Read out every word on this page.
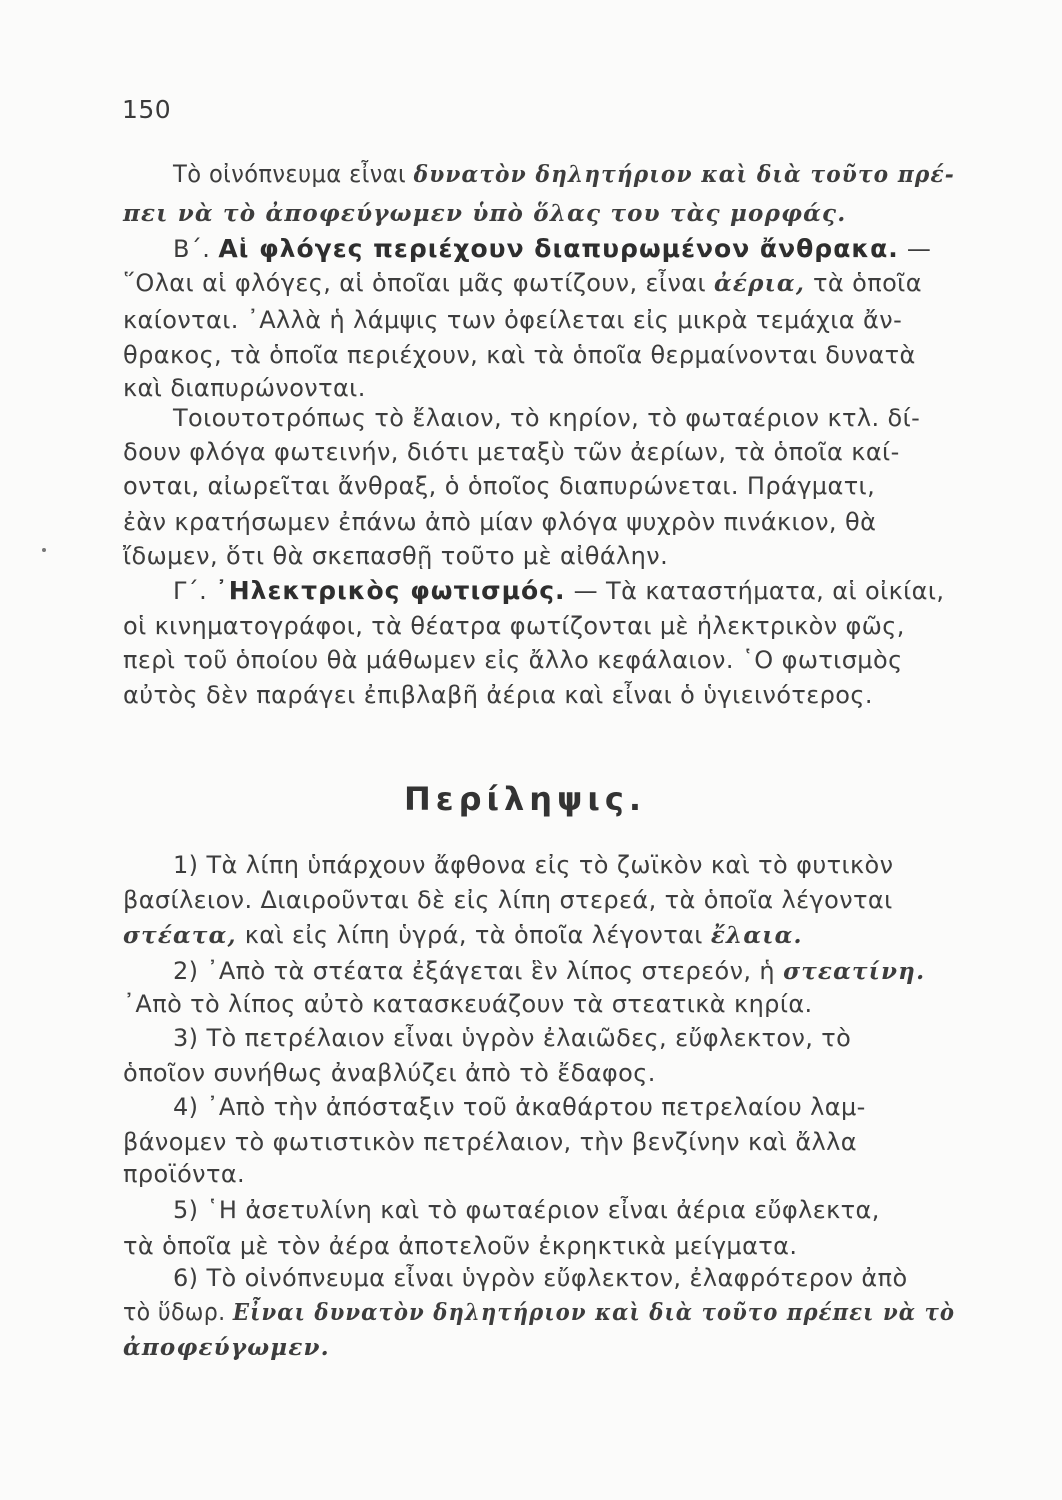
150
Τὸ οἰνόπνευμα εἶναι δυνατὸν δηλητήριον καὶ διὰ τοῦτο πρέ-
πει νὰ τὸ ἀποφεύγωμεν ὑπὸ ὅλας του τὰς μορφάς.
Β΄. Αἱ φλόγες περιέχουν διαπυρωμένον ἄνθρακα. —
῞Ολαι αἱ φλόγες, αἱ ὁποῖαι μᾶς φωτίζουν, εἶναι ἀέρια, τὰ ὁποῖα
καίονται. ᾿Αλλὰ ἡ λάμψις των ὀφείλεται εἰς μικρὰ τεμάχια ἄν-
θρακος, τὰ ὁποῖα περιέχουν, καὶ τὰ ὁποῖα θερμαίνονται δυνατὰ
καὶ διαπυρώνονται.
Τοιουτοτρόπως τὸ ἔλαιον, τὸ κηρίον, τὸ φωταέριον κτλ. δί-
δουν φλόγα φωτεινήν, διότι μεταξὺ τῶν ἀερίων, τὰ ὁποῖα καί-
ονται, αἰωρεῖται ἄνθραξ, ὁ ὁποῖος διαπυρώνεται. Πράγματι,
ἐὰν κρατήσωμεν ἐπάνω ἀπὸ μίαν φλόγα ψυχρὸν πινάκιον, θὰ
ἴδωμεν, ὅτι θὰ σκεπασθῇ τοῦτο μὲ αἰθάλην.
Γ΄. ᾿Ηλεκτρικὸς φωτισμός. — Τὰ καταστήματα, αἱ οἰκίαι,
οἱ κινηματογράφοι, τὰ θέατρα φωτίζονται μὲ ἠλεκτρικὸν φῶς,
περὶ τοῦ ὁποίου θὰ μάθωμεν εἰς ἄλλο κεφάλαιον. ῾Ο φωτισμὸς
αὐτὸς δὲν παράγει ἐπιβλαβῆ ἀέρια καὶ εἶναι ὁ ὑγιεινότερος.
Περίληψις.
1) Τὰ λίπη ὑπάρχουν ἄφθονα εἰς τὸ ζωϊκὸν καὶ τὸ φυτικὸν
βασίλειον. Διαιροῦνται δὲ εἰς λίπη στερεά, τὰ ὁποῖα λέγονται
στέατα, καὶ εἰς λίπη ὑγρά, τὰ ὁποῖα λέγονται ἔλαια.
2) ᾿Απὸ τὰ στέατα ἐξάγεται ἓν λίπος στερεόν, ἡ στεατίνη.
᾿Απὸ τὸ λίπος αὐτὸ κατασκευάζουν τὰ στεατικὰ κηρία.
3) Τὸ πετρέλαιον εἶναι ὑγρὸν ἐλαιῶδες, εὔφλεκτον, τὸ
ὁποῖον συνήθως ἀναβλύζει ἀπὸ τὸ ἔδαφος.
4) ᾿Απὸ τὴν ἀπόσταξιν τοῦ ἀκαθάρτου πετρελαίου λαμ-
βάνομεν τὸ φωτιστικὸν πετρέλαιον, τὴν βενζίνην καὶ ἄλλα
προϊόντα.
5) ῾Η ἀσετυλίνη καὶ τὸ φωταέριον εἶναι ἀέρια εὔφλεκτα,
τὰ ὁποῖα μὲ τὸν ἀέρα ἀποτελοῦν ἐκρηκτικὰ μείγματα.
6) Τὸ οἰνόπνευμα εἶναι ὑγρὸν εὔφλεκτον, ἐλαφρότερον ἀπὸ
τὸ ὕδωρ. Εἶναι δυνατὸν δηλητήριον καὶ διὰ τοῦτο πρέπει νὰ τὸ
ἀποφεύγωμεν.
